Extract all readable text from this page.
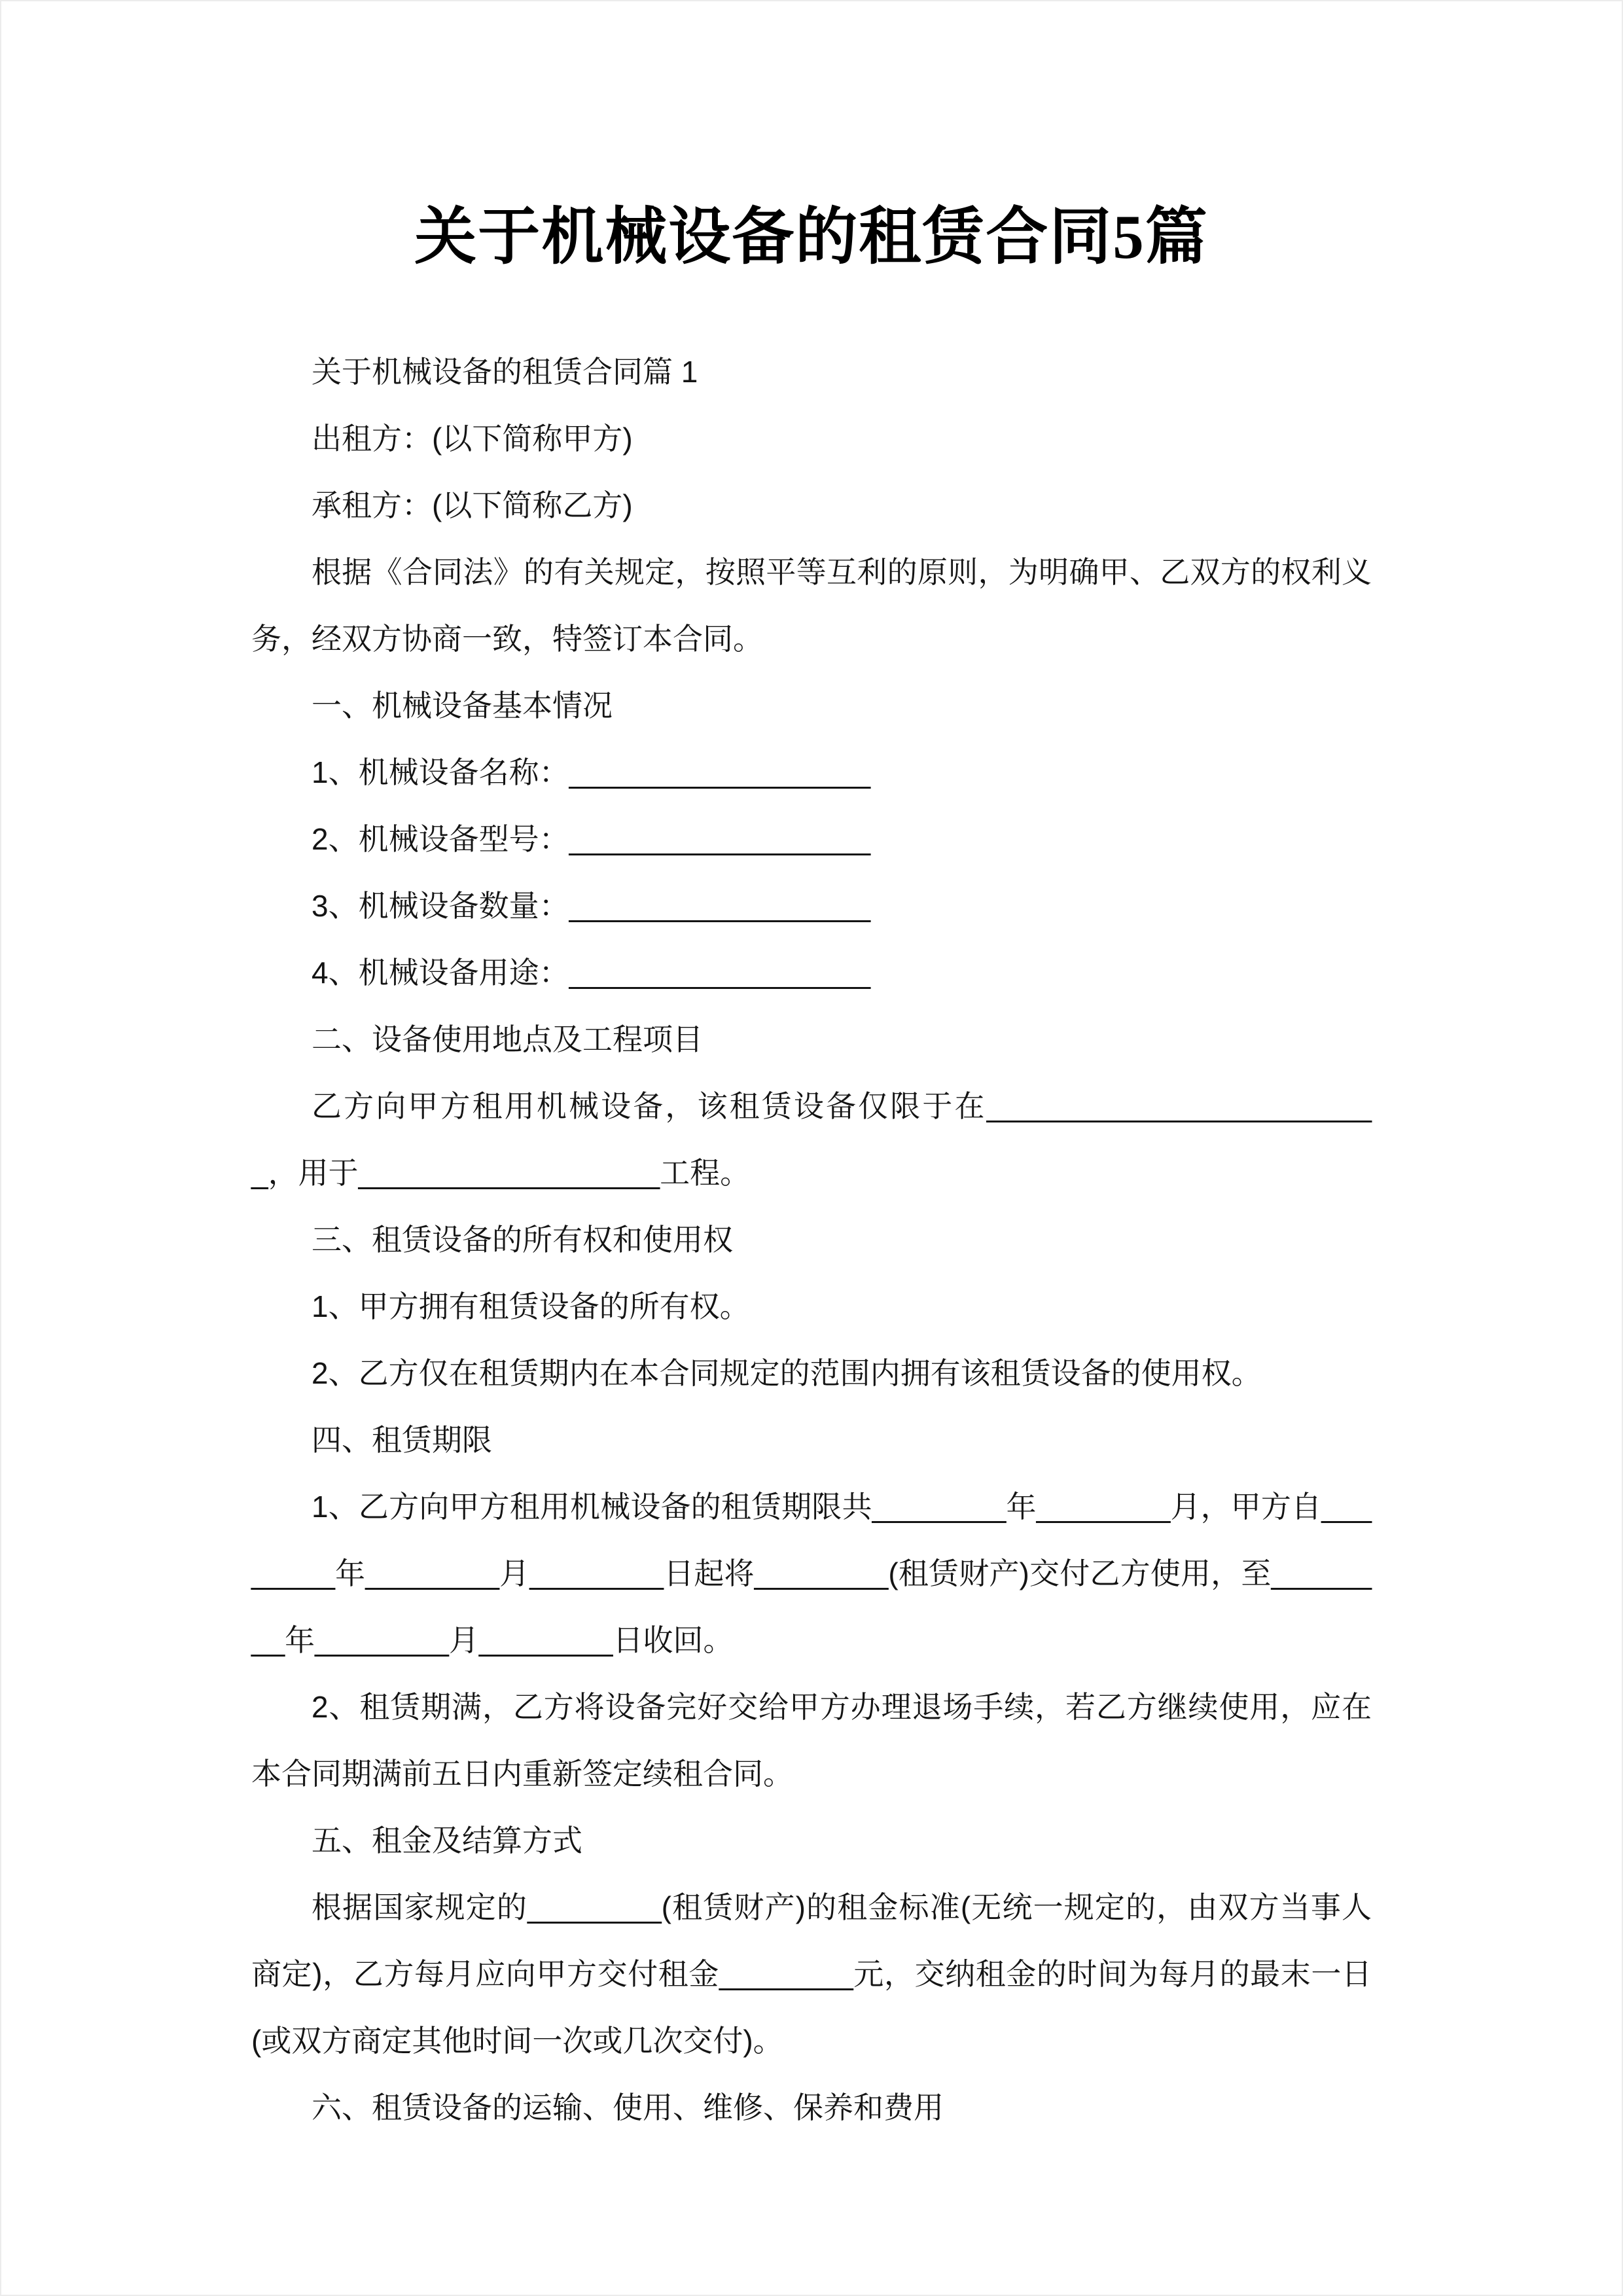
关于机械设备的租赁合同5篇

关于机械设备的租赁合同篇 1

出租方：(以下简称甲方)

承租方：(以下简称乙方)

根据《合同法》的有关规定，按照平等互利的原则，为明确甲、乙双方的权利义务，经双方协商一致，特签订本合同。

一、机械设备基本情况

1、机械设备名称：__________________

2、机械设备型号：__________________

3、机械设备数量：__________________

4、机械设备用途：__________________

二、设备使用地点及工程项目

乙方向甲方租用机械设备，该租赁设备仅限于在________________________，用于__________________工程。

三、租赁设备的所有权和使用权

1、甲方拥有租赁设备的所有权。

2、乙方仅在租赁期内在本合同规定的范围内拥有该租赁设备的使用权。

四、租赁期限

1、乙方向甲方租用机械设备的租赁期限共________年________月，甲方自________年________月________日起将________(租赁财产)交付乙方使用，至________年________月________日收回。

2、租赁期满，乙方将设备完好交给甲方办理退场手续，若乙方继续使用，应在本合同期满前五日内重新签定续租合同。

五、租金及结算方式

根据国家规定的________(租赁财产)的租金标准(无统一规定的，由双方当事人商定)，乙方每月应向甲方交付租金________元，交纳租金的时间为每月的最末一日(或双方商定其他时间一次或几次交付)。

六、租赁设备的运输、使用、维修、保养和费用
